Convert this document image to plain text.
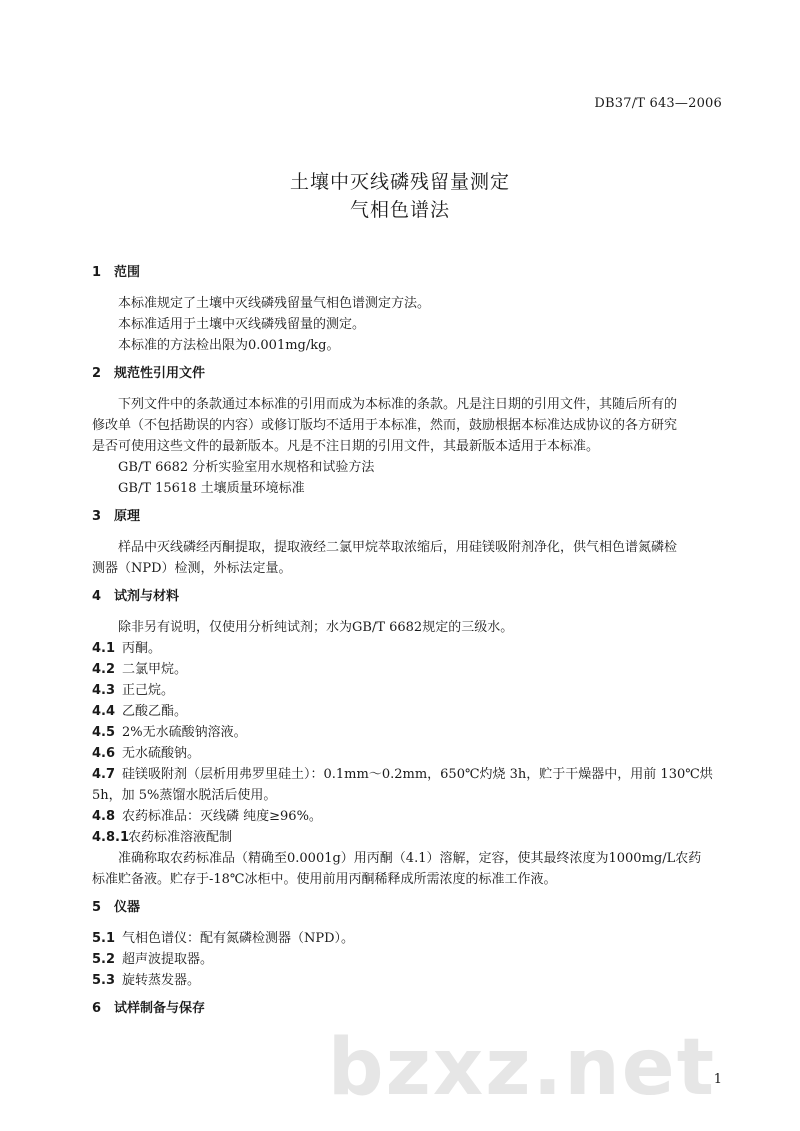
DB37/T 643—2006
土壤中灭线磷残留量测定
气相色谱法
1 范围
本标准规定了土壤中灭线磷残留量气相色谱测定方法。
本标准适用于土壤中灭线磷残留量的测定。
本标准的方法检出限为0.001mg/kg。
2 规范性引用文件
下列文件中的条款通过本标准的引用而成为本标准的条款。凡是注日期的引用文件，其随后所有的
修改单（不包括勘误的内容）或修订版均不适用于本标准，然而，鼓励根据本标准达成协议的各方研究
是否可使用这些文件的最新版本。凡是不注日期的引用文件，其最新版本适用于本标准。
GB/T 6682 分析实验室用水规格和试验方法
GB/T 15618 土壤质量环境标准
3 原理
样品中灭线磷经丙酮提取，提取液经二氯甲烷萃取浓缩后，用硅镁吸附剂净化，供气相色谱氮磷检
测器（NPD）检测，外标法定量。
4 试剂与材料
除非另有说明，仅使用分析纯试剂；水为GB/T 6682规定的三级水。
4.1 丙酮。
4.2 二氯甲烷。
4.3 正己烷。
4.4 乙酸乙酯。
4.5 2%无水硫酸钠溶液。
4.6 无水硫酸钠。
4.7 硅镁吸附剂（层析用弗罗里硅土）：0.1mm～0.2mm，650℃灼烧 3h，贮于干燥器中，用前 130℃烘
5h，加 5%蒸馏水脱活后使用。
4.8 农药标准品：灭线磷 纯度≥96%。
4.8.1农药标准溶液配制
准确称取农药标准品（精确至0.0001g）用丙酮（4.1）溶解，定容，使其最终浓度为1000mg/L农药
标准贮备液。贮存于-18℃冰柜中。使用前用丙酮稀释成所需浓度的标准工作液。
5 仪器
5.1 气相色谱仪：配有氮磷检测器（NPD）。
5.2 超声波提取器。
5.3 旋转蒸发器。
6 试样制备与保存
bzxz.net
1
